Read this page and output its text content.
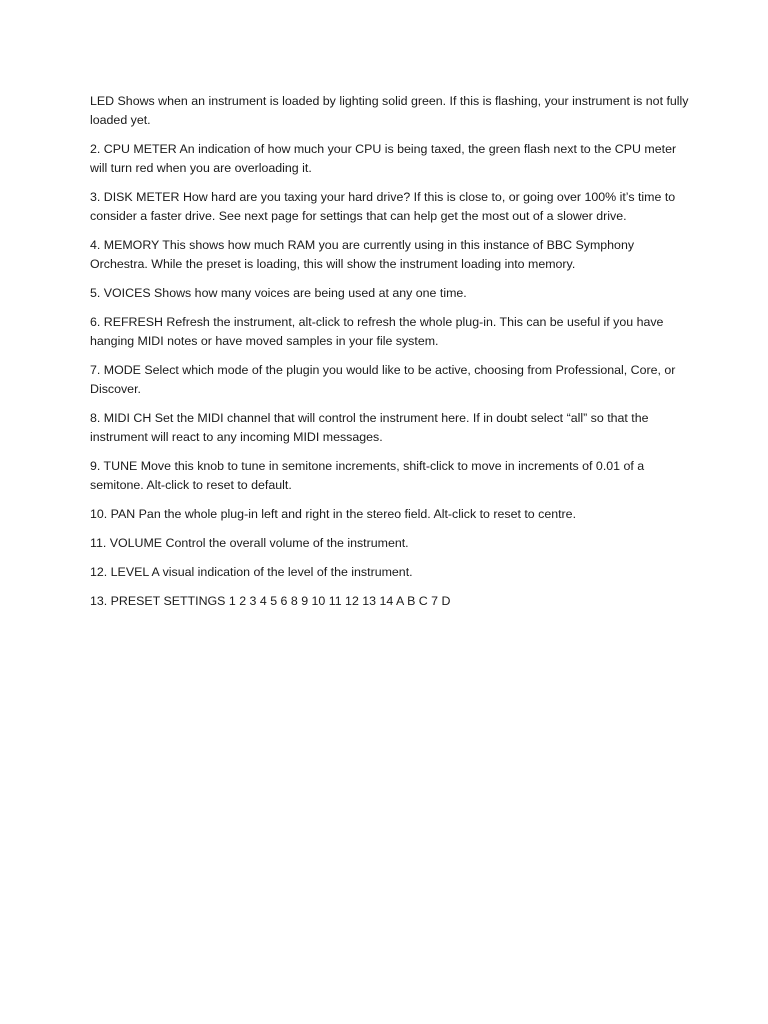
LED Shows when an instrument is loaded by lighting solid green. If this is flashing, your instrument is not fully loaded yet.

2. CPU METER An indication of how much your CPU is being taxed, the green flash next to the CPU meter will turn red when you are overloading it.

3. DISK METER How hard are you taxing your hard drive? If this is close to, or going over 100% it’s time to consider a faster drive. See next page for settings that can help get the most out of a slower drive.

4. MEMORY This shows how much RAM you are currently using in this instance of BBC Symphony Orchestra. While the preset is loading, this will show the instrument loading into memory.

5. VOICES Shows how many voices are being used at any one time.

6. REFRESH Refresh the instrument, alt-click to refresh the whole plug-in. This can be useful if you have hanging MIDI notes or have moved samples in your file system.

7. MODE Select which mode of the plugin you would like to be active, choosing from Professional, Core, or Discover.

8. MIDI CH Set the MIDI channel that will control the instrument here. If in doubt select “all” so that the instrument will react to any incoming MIDI messages.

9. TUNE Move this knob to tune in semitone increments, shift-click to move in increments of 0.01 of a semitone. Alt-click to reset to default.

10. PAN Pan the whole plug-in left and right in the stereo field. Alt-click to reset to centre.

11. VOLUME Control the overall volume of the instrument.

12. LEVEL A visual indication of the level of the instrument.

13. PRESET SETTINGS 1 2 3 4 5 6 8 9 10 11 12 13 14 A B C 7 D
